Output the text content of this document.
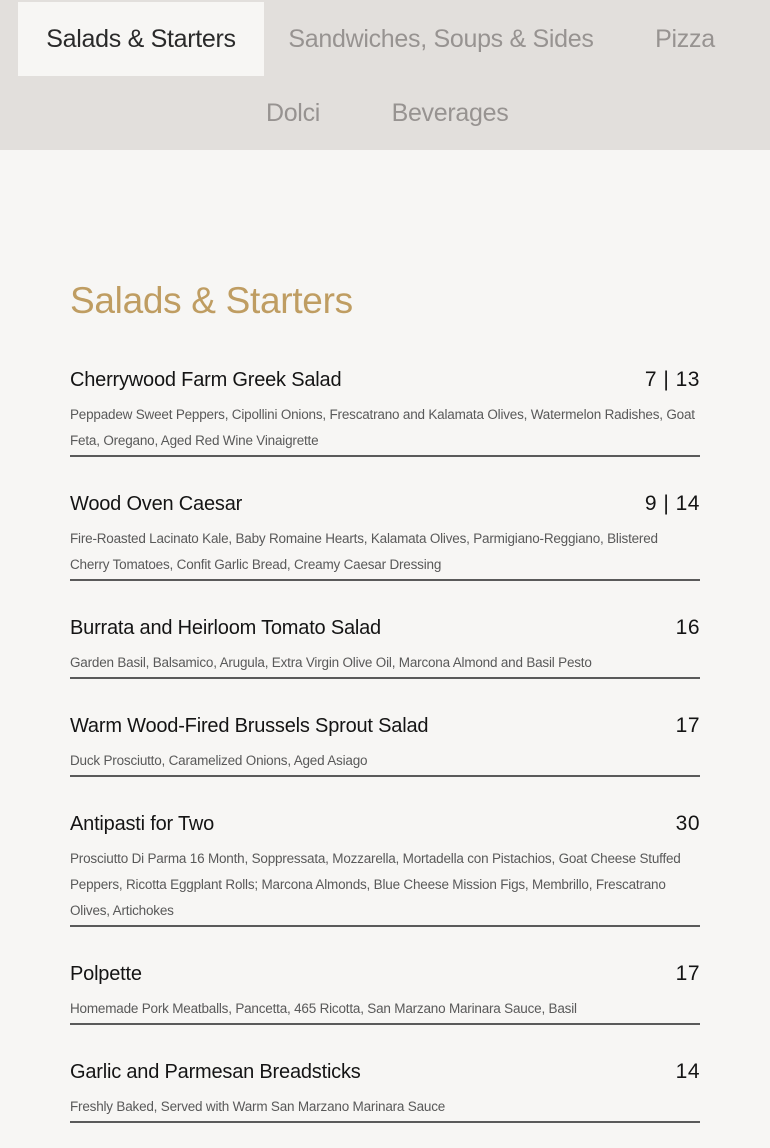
Salads & Starters	Sandwiches, Soups & Sides	Pizza
Dolci	Beverages
Salads & Starters
Cherrywood Farm Greek Salad	7 | 13

Peppadew Sweet Peppers, Cipollini Onions, Frescatrano and Kalamata Olives, Watermelon Radishes, Goat Feta, Oregano, Aged Red Wine Vinaigrette

Wood Oven Caesar	9 | 14

Fire-Roasted Lacinato Kale, Baby Romaine Hearts, Kalamata Olives, Parmigiano-Reggiano, Blistered Cherry Tomatoes, Confit Garlic Bread, Creamy Caesar Dressing

Burrata and Heirloom Tomato Salad	16

Garden Basil, Balsamico, Arugula, Extra Virgin Olive Oil, Marcona Almond and Basil Pesto

Warm Wood-Fired Brussels Sprout Salad	17

Duck Prosciutto, Caramelized Onions, Aged Asiago

Antipasti for Two	30

Prosciutto Di Parma 16 Month, Soppressata, Mozzarella, Mortadella con Pistachios, Goat Cheese Stuffed Peppers, Ricotta Eggplant Rolls; Marcona Almonds, Blue Cheese Mission Figs, Membrillo, Frescatrano Olives, Artichokes

Polpette	17

Homemade Pork Meatballs, Pancetta, 465 Ricotta, San Marzano Marinara Sauce, Basil

Garlic and Parmesan Breadsticks	14

Freshly Baked, Served with Warm San Marzano Marinara Sauce
